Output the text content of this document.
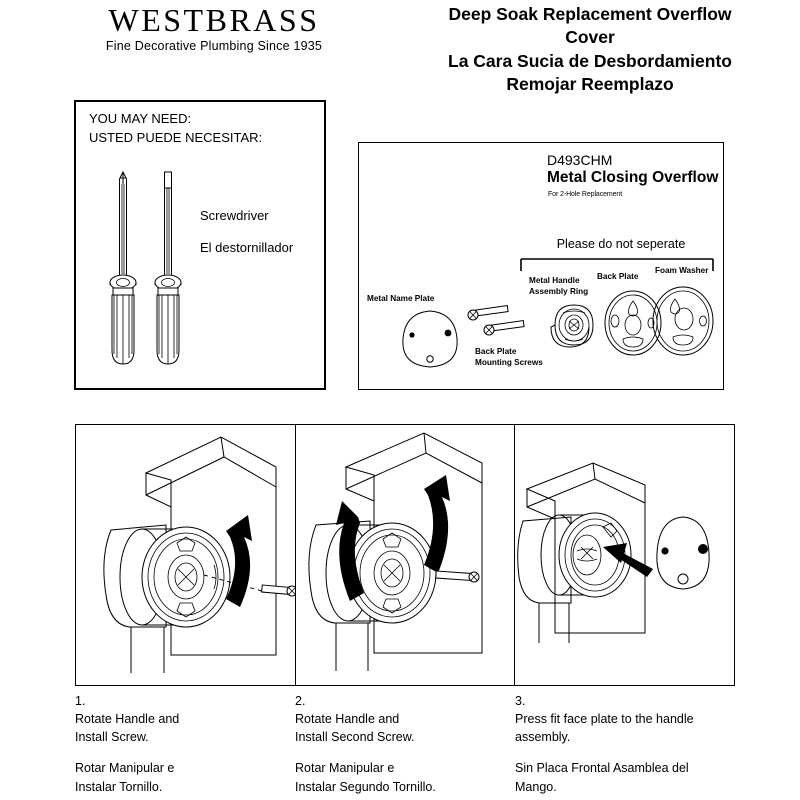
WESTBRASS
Fine Decorative Plumbing Since 1935
Deep Soak Replacement Overflow
Cover
La Cara Sucia de Desbordamiento
Remojar Reemplazo
YOU MAY NEED:
USTED PUEDE NECESITAR:
Screwdriver
El destornillador
D493CHM
Metal Closing Overflow
For 2-Hole Replacement
Please do not seperate
Metal Name Plate
Back Plate
Mounting Screws
Metal Handle
Assembly Ring
Back Plate
Foam Washer
1.
Rotate Handle and
Install Screw.
Rotar Manipular e
Instalar Tornillo.
2.
Rotate Handle and
Install Second Screw.
Rotar Manipular e
Instalar Segundo Tornillo.
3.
Press fit face plate to the handle
assembly.
Sin Placa Frontal Asamblea del
Mango.
